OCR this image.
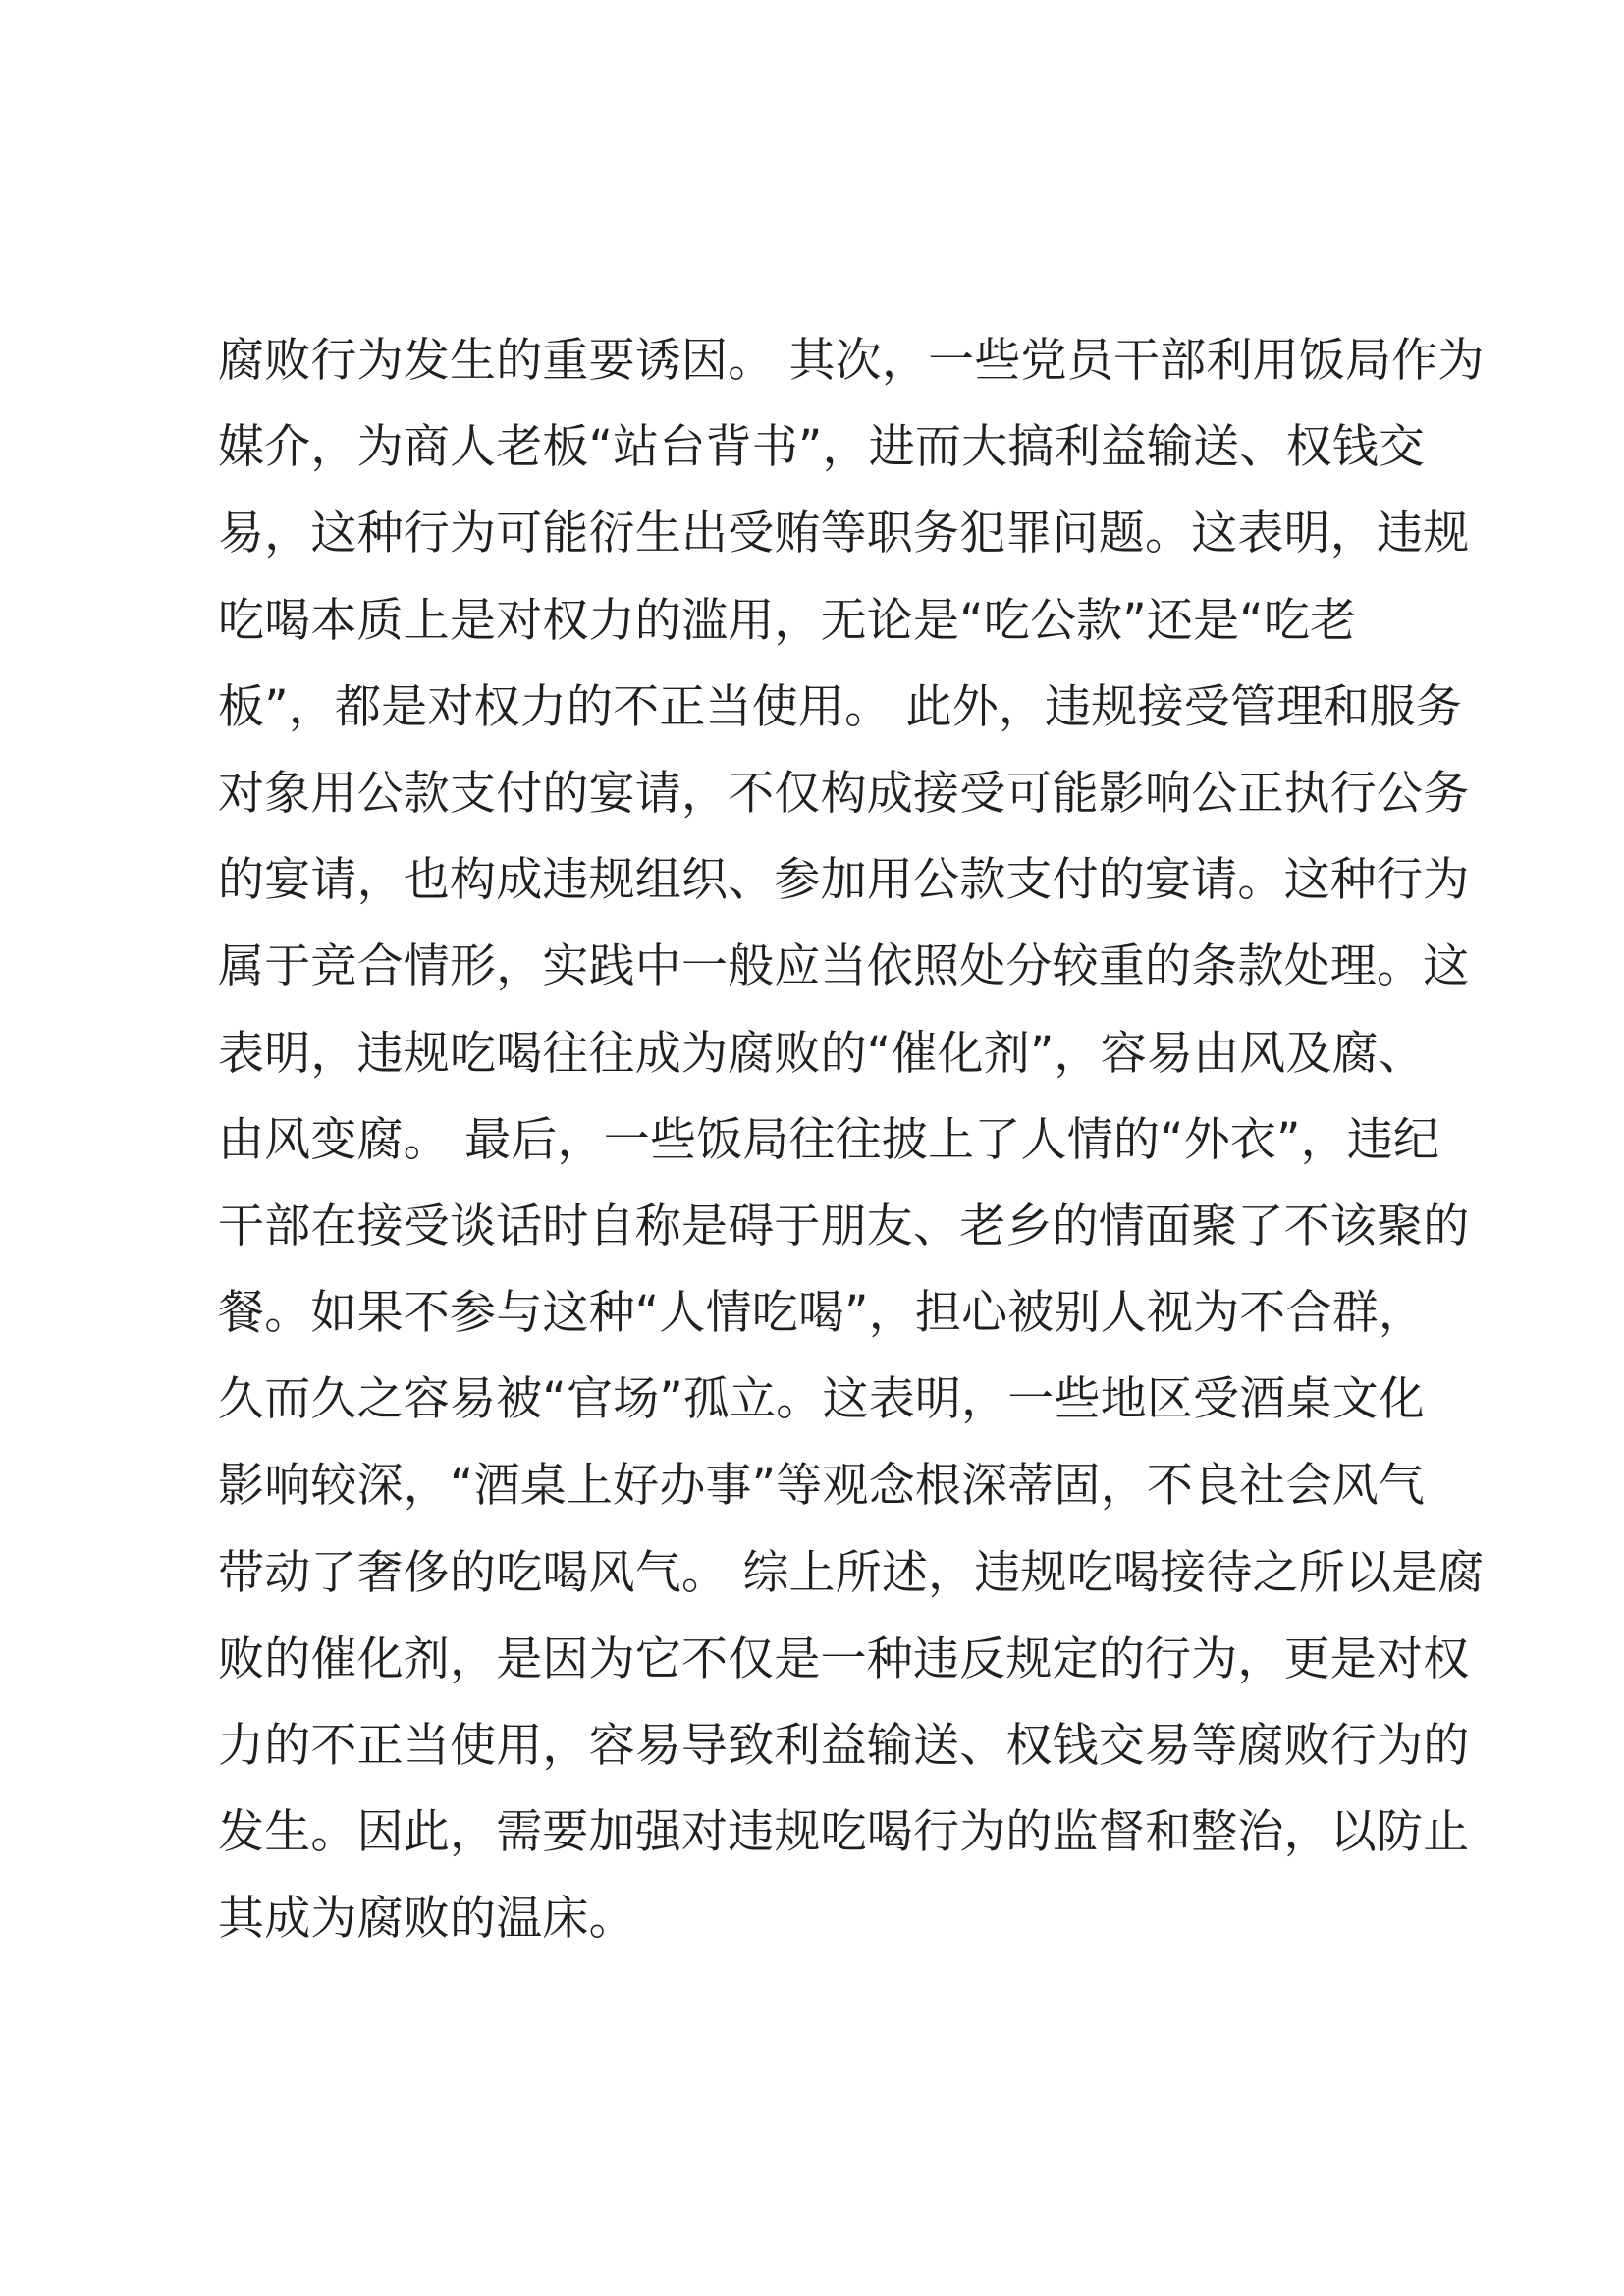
腐败行为发生的重要诱因。 其次，一些党员干部利用饭局作为
媒介，为商人老板“站台背书”，进而大搞利益输送、权钱交
易，这种行为可能衍生出受贿等职务犯罪问题。这表明，违规
吃喝本质上是对权力的滥用，无论是“吃公款”还是“吃老
板”，都是对权力的不正当使用。 此外，违规接受管理和服务
对象用公款支付的宴请，不仅构成接受可能影响公正执行公务
的宴请，也构成违规组织、参加用公款支付的宴请。这种行为
属于竞合情形，实践中一般应当依照处分较重的条款处理。这
表明，违规吃喝往往成为腐败的“催化剂”，容易由风及腐、
由风变腐。 最后，一些饭局往往披上了人情的“外衣”，违纪
干部在接受谈话时自称是碍于朋友、老乡的情面聚了不该聚的
餐。如果不参与这种“人情吃喝”，担心被别人视为不合群，
久而久之容易被“官场”孤立。这表明，一些地区受酒桌文化
影响较深，“酒桌上好办事”等观念根深蒂固，不良社会风气
带动了奢侈的吃喝风气。 综上所述，违规吃喝接待之所以是腐
败的催化剂，是因为它不仅是一种违反规定的行为，更是对权
力的不正当使用，容易导致利益输送、权钱交易等腐败行为的
发生。因此，需要加强对违规吃喝行为的监督和整治，以防止
其成为腐败的温床。
